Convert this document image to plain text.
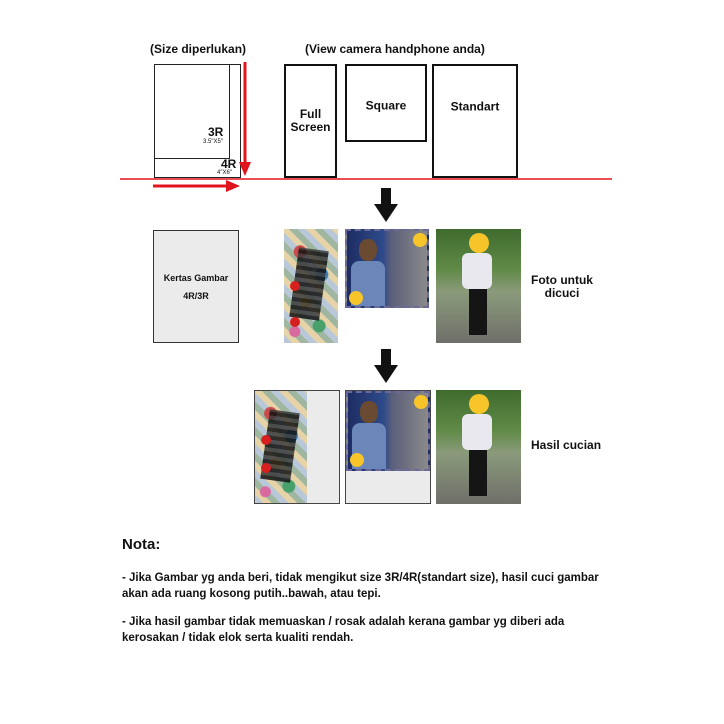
(Size diperlukan)	(View camera handphone anda)
3R
3.5"X5"
4R
4"X6"
Full
Screen
Square	Standart
Kertas Gambar
4R/3R
Foto untuk
dicuci
Hasil cucian
Nota:
- Jika Gambar yg anda beri, tidak mengikut size 3R/4R(standart size), hasil cuci gambar akan ada ruang kosong putih..bawah, atau tepi.
- Jika hasil gambar tidak memuaskan / rosak adalah kerana gambar yg diberi ada kerosakan / tidak elok serta kualiti rendah.
